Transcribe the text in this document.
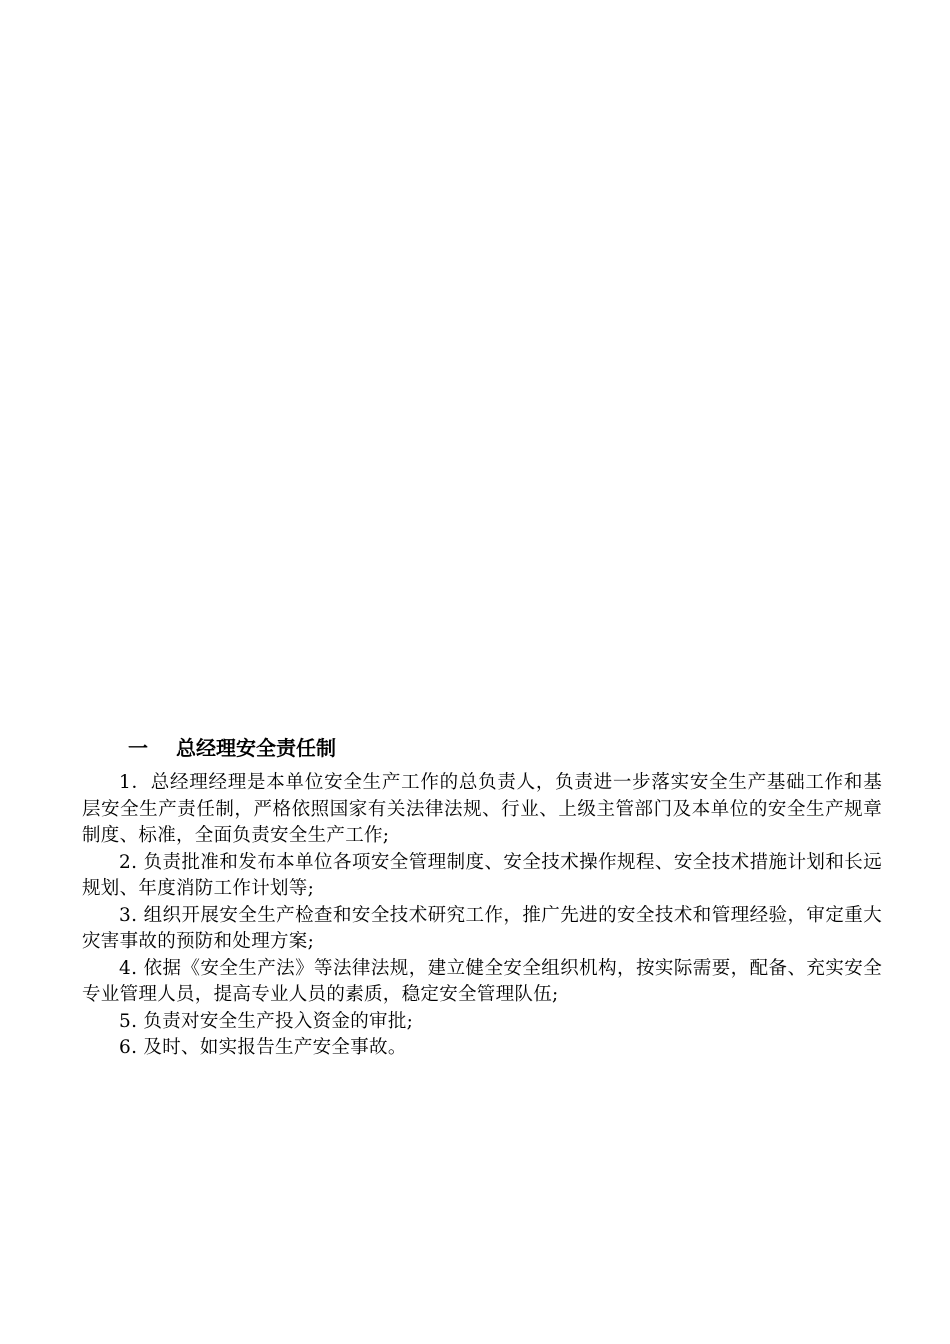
一 总经理安全责任制

1．总经理经理是本单位安全生产工作的总负责人，负责进一步落实安全生产基础工作和基层安全生产责任制，严格依照国家有关法律法规、行业、上级主管部门及本单位的安全生产规章制度、标准，全面负责安全生产工作;

2. 负责批准和发布本单位各项安全管理制度、安全技术操作规程、安全技术措施计划和长远规划、年度消防工作计划等;

3. 组织开展安全生产检查和安全技术研究工作，推广先进的安全技术和管理经验，审定重大灾害事故的预防和处理方案;

4. 依据《安全生产法》等法律法规，建立健全安全组织机构，按实际需要，配备、充实安全专业管理人员，提高专业人员的素质，稳定安全管理队伍;

5. 负责对安全生产投入资金的审批;

6. 及时、如实报告生产安全事故。
